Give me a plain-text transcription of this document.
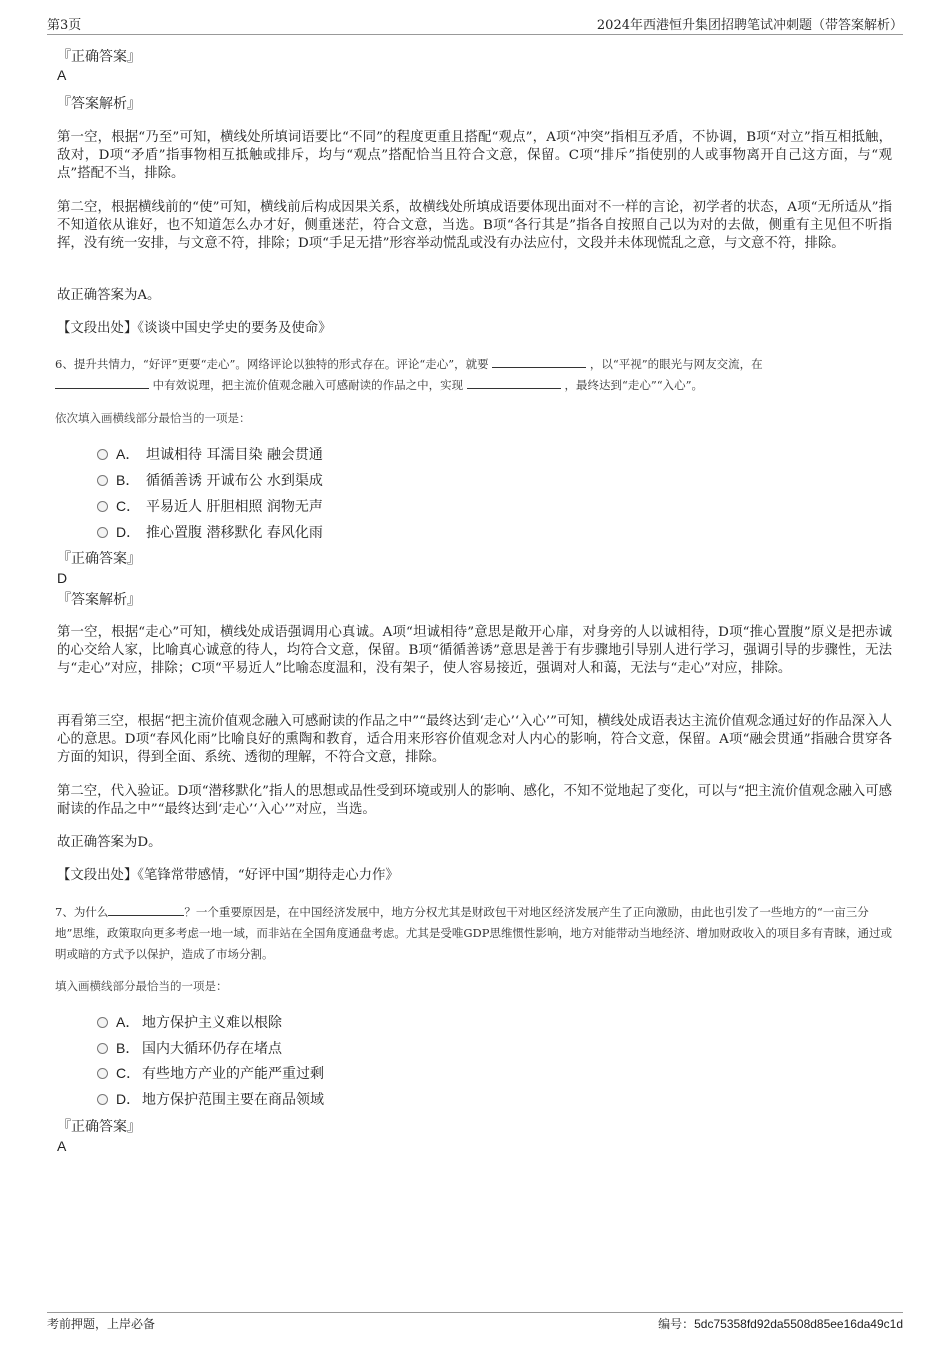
第3页	2024年西港恒升集团招聘笔试冲刺题（带答案解析）
『正确答案』
A
『答案解析』
第一空，根据“乃至”可知，横线处所填词语要比“不同”的程度更重且搭配“观点”，A项“冲突”指相互矛盾，不协调，B项“对立”指互相抵触，敌对，D项“矛盾”指事物相互抵触或排斥，均与“观点”搭配恰当且符合文意，保留。C项“排斥”指使别的人或事物离开自己这方面，与“观点”搭配不当，排除。
第二空，根据横线前的“使”可知，横线前后构成因果关系，故横线处所填成语要体现出面对不一样的言论，初学者的状态，A项“无所适从”指不知道依从谁好，也不知道怎么办才好，侧重迷茫，符合文意，当选。B项“各行其是”指各自按照自己以为对的去做，侧重有主见但不听指挥，没有统一安排，与文意不符，排除；D项“手足无措”形容举动慌乱或没有办法应付，文段并未体现慌乱之意，与文意不符，排除。
故正确答案为A。
【文段出处】《谈谈中国史学史的要务及使命》
6、提升共情力，“好评”更要“走心”。网络评论以独特的形式存在。评论“走心”，就要	，以“平视”的眼光与网友交流，在
中有效说理，把主流价值观念融入可感耐读的作品之中，实现	，最终达到“走心”“入心”。
依次填入画横线部分最恰当的一项是：
A． 坦诚相待 耳濡目染 融会贯通
B． 循循善诱 开诚布公 水到渠成
C． 平易近人 肝胆相照 润物无声
D． 推心置腹 潜移默化 春风化雨
『正确答案』
D
『答案解析』
第一空，根据“走心”可知，横线处成语强调用心真诚。A项“坦诚相待”意思是敞开心扉，对身旁的人以诚相待，D项“推心置腹”原义是把赤诚的心交给人家，比喻真心诚意的待人，均符合文意，保留。B项“循循善诱”意思是善于有步骤地引导别人进行学习，强调引导的步骤性，无法与“走心”对应，排除；C项“平易近人”比喻态度温和，没有架子，使人容易接近，强调对人和蔼，无法与“走心”对应，排除。
再看第三空，根据“把主流价值观念融入可感耐读的作品之中”“最终达到‘走心’‘入心’”可知，横线处成语表达主流价值观念通过好的作品深入人心的意思。D项“春风化雨”比喻良好的熏陶和教育，适合用来形容价值观念对人内心的影响，符合文意，保留。A项“融会贯通”指融合贯穿各方面的知识，得到全面、系统、透彻的理解，不符合文意，排除。
第二空，代入验证。D项“潜移默化”指人的思想或品性受到环境或别人的影响、感化，不知不觉地起了变化，可以与“把主流价值观念融入可感耐读的作品之中”“最终达到‘走心’‘入心’”对应，当选。
故正确答案为D。
【文段出处】《笔锋常带感情，“好评中国”期待走心力作》
7、为什么	？一个重要原因是，在中国经济发展中，地方分权尤其是财政包干对地区经济发展产生了正向激励，由此也引发了一些地方的“一亩三分地”思维，政策取向更多考虑一地一域，而非站在全国角度通盘考虑。尤其是受唯GDP思维惯性影响，地方对能带动当地经济、增加财政收入的项目多有青睐，通过或明或暗的方式予以保护，造成了市场分割。
填入画横线部分最恰当的一项是：
A． 地方保护主义难以根除
B． 国内大循环仍存在堵点
C． 有些地方产业的产能严重过剩
D． 地方保护范围主要在商品领域
『正确答案』
A
考前押题，上岸必备	编号：5dc75358fd92da5508d85ee16da49c1d
